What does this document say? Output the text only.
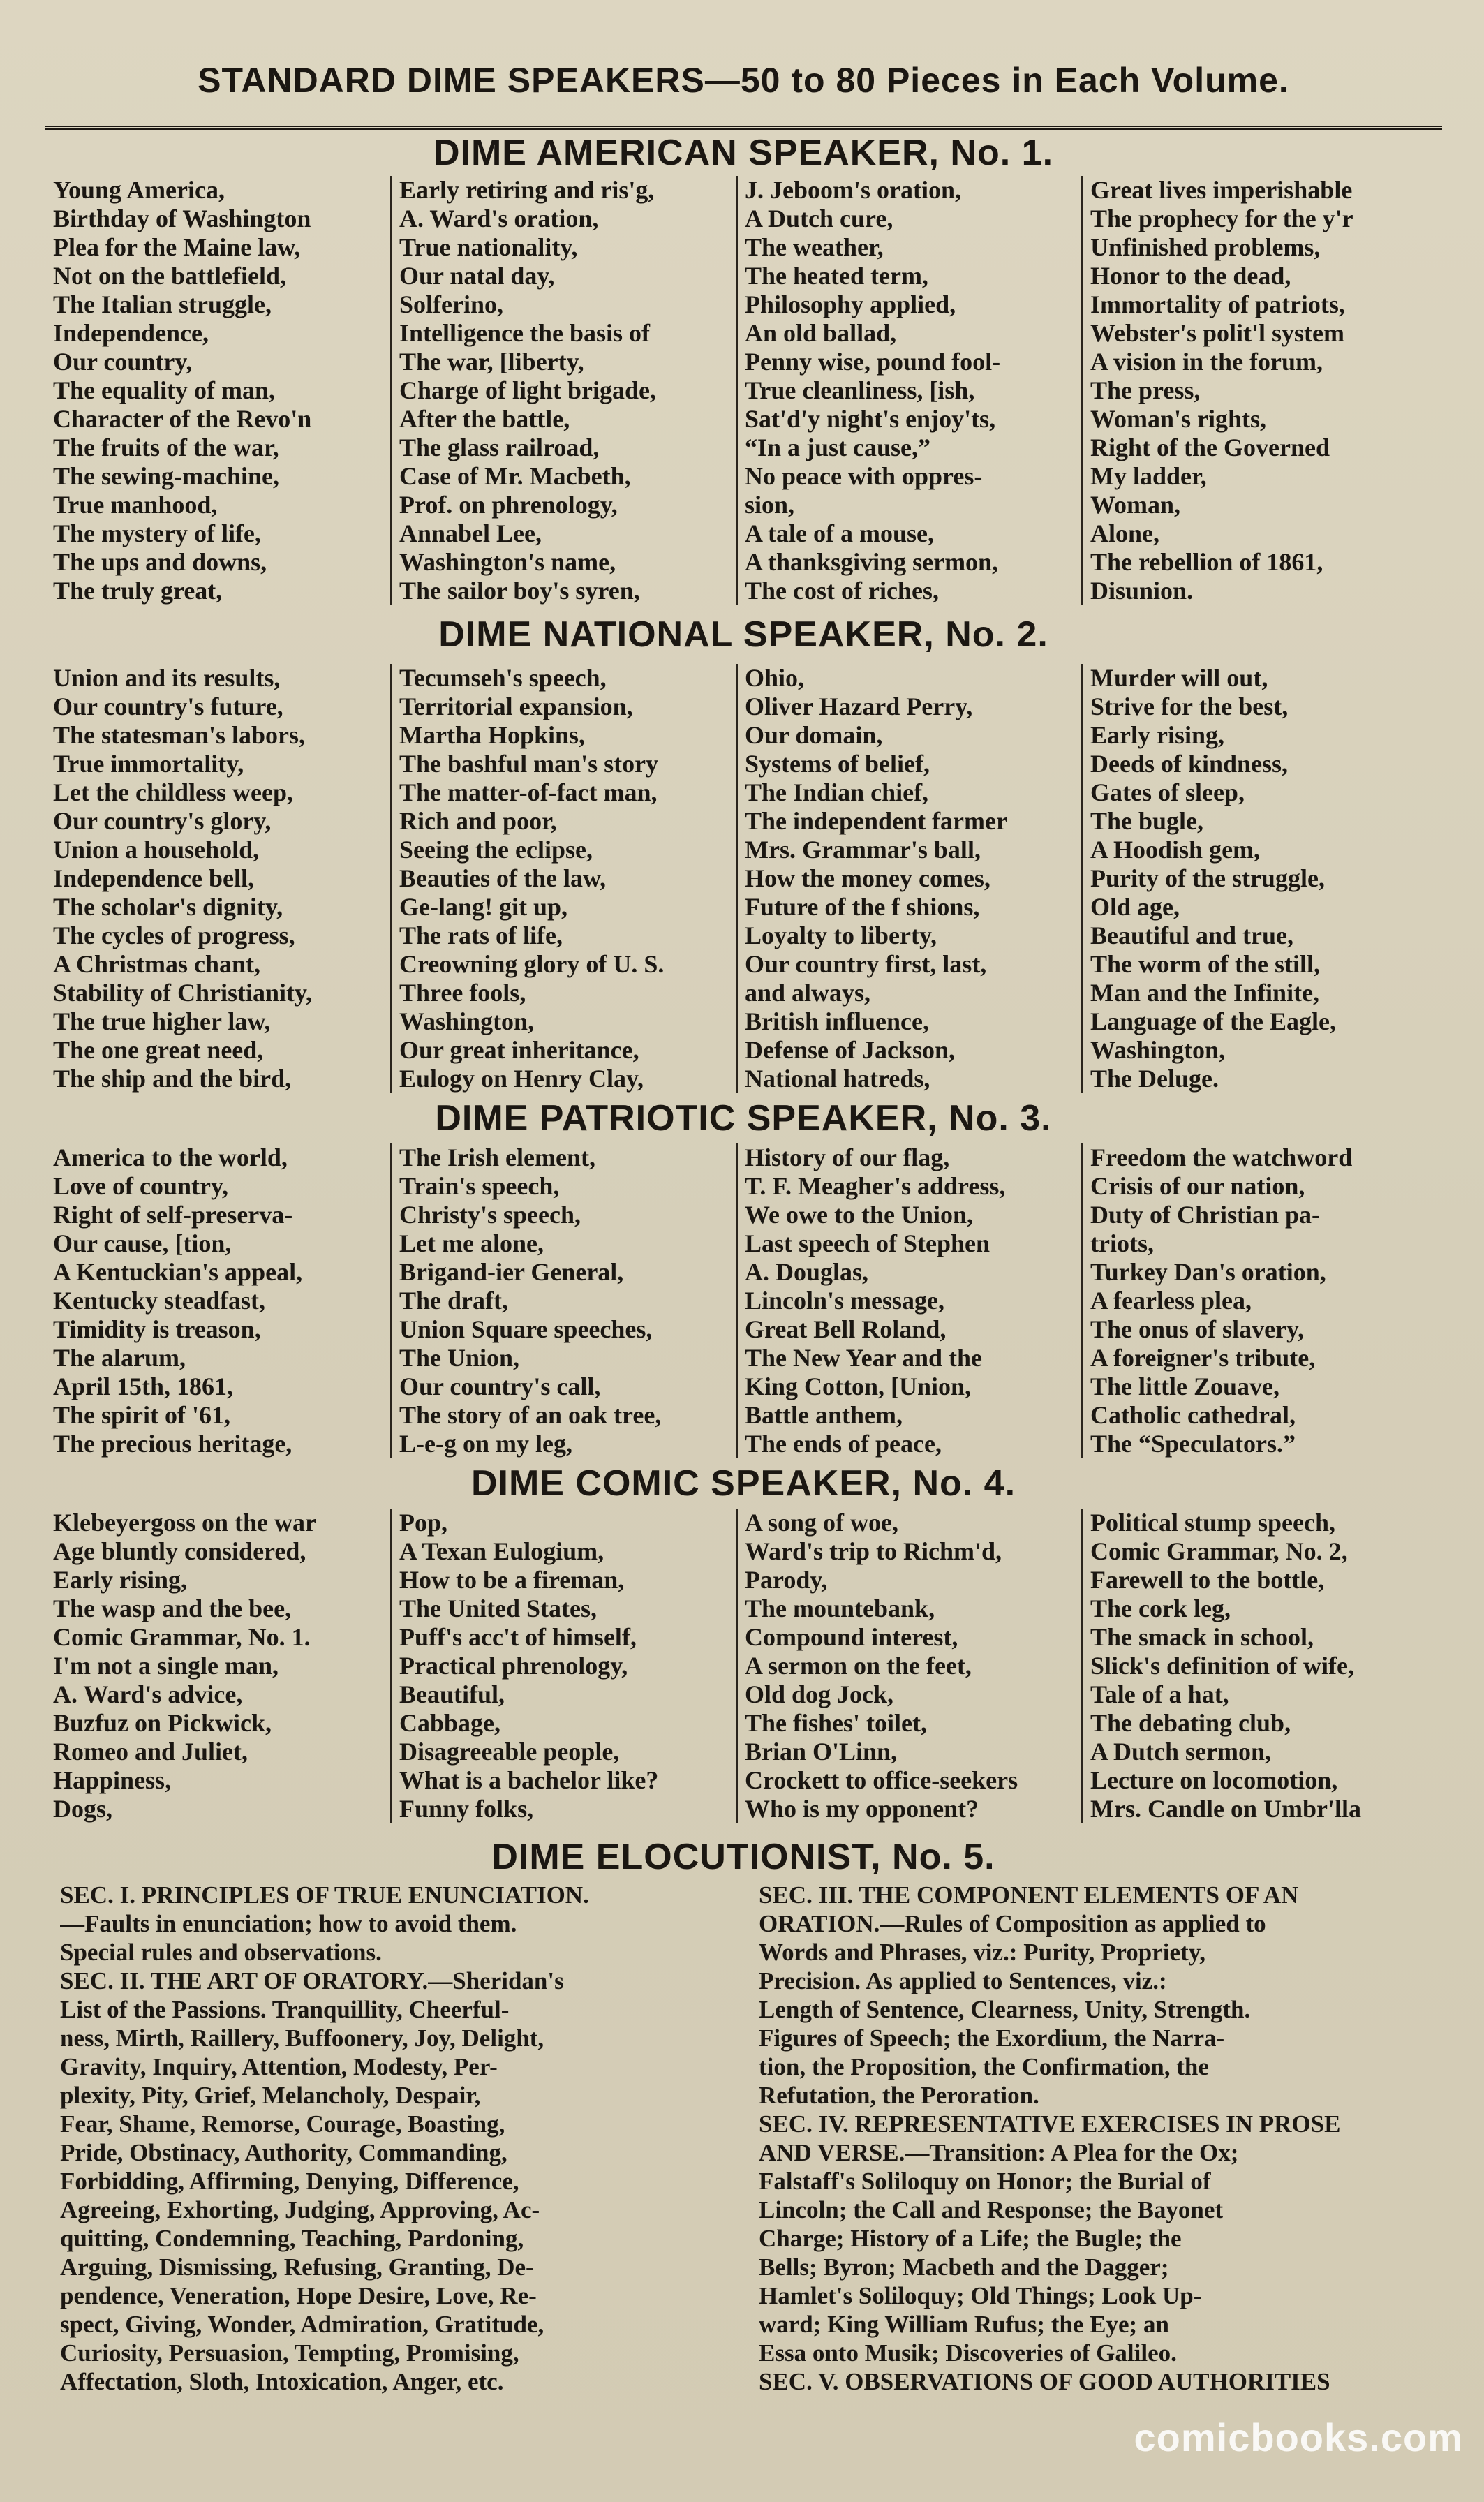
STANDARD DIME SPEAKERS—50 to 80 Pieces in Each Volume.
DIME AMERICAN SPEAKER, No. 1.
Young America,
Birthday of Washington
Plea for the Maine law,
Not on the battlefield,
The Italian struggle,
Independence,
Our country,
The equality of man,
Character of the Revo'n
The fruits of the war,
The sewing-machine,
True manhood,
The mystery of life,
The ups and downs,
The truly great,
Early retiring and ris'g,
A. Ward's oration,
True nationality,
Our natal day,
Solferino,
Intelligence the basis of
The war, [liberty,
Charge of light brigade,
After the battle,
The glass railroad,
Case of Mr. Macbeth,
Prof. on phrenology,
Annabel Lee,
Washington's name,
The sailor boy's syren,
J. Jeboom's oration,
A Dutch cure,
The weather,
The heated term,
Philosophy applied,
An old ballad,
Penny wise, pound fool-
True cleanliness, [ish,
Sat'd'y night's enjoy'ts,
“In a just cause,”
No peace with oppres-
sion,
A tale of a mouse,
A thanksgiving sermon,
The cost of riches,
Great lives imperishable
The prophecy for the y'r
Unfinished problems,
Honor to the dead,
Immortality of patriots,
Webster's polit'l system
A vision in the forum,
The press,
Woman's rights,
Right of the Governed
My ladder,
Woman,
Alone,
The rebellion of 1861,
Disunion.
DIME NATIONAL SPEAKER, No. 2.
Union and its results,
Our country's future,
The statesman's labors,
True immortality,
Let the childless weep,
Our country's glory,
Union a household,
Independence bell,
The scholar's dignity,
The cycles of progress,
A Christmas chant,
Stability of Christianity,
The true higher law,
The one great need,
The ship and the bird,
Tecumseh's speech,
Territorial expansion,
Martha Hopkins,
The bashful man's story
The matter-of-fact man,
Rich and poor,
Seeing the eclipse,
Beauties of the law,
Ge-lang! git up,
The rats of life,
Creowning glory of U. S.
Three fools,
Washington,
Our great inheritance,
Eulogy on Henry Clay,
Ohio,
Oliver Hazard Perry,
Our domain,
Systems of belief,
The Indian chief,
The independent farmer
Mrs. Grammar's ball,
How the money comes,
Future of the f shions,
Loyalty to liberty,
Our country first, last,
and always,
British influence,
Defense of Jackson,
National hatreds,
Murder will out,
Strive for the best,
Early rising,
Deeds of kindness,
Gates of sleep,
The bugle,
A Hoodish gem,
Purity of the struggle,
Old age,
Beautiful and true,
The worm of the still,
Man and the Infinite,
Language of the Eagle,
Washington,
The Deluge.
DIME PATRIOTIC SPEAKER, No. 3.
America to the world,
Love of country,
Right of self-preserva-
Our cause, [tion,
A Kentuckian's appeal,
Kentucky steadfast,
Timidity is treason,
The alarum,
April 15th, 1861,
The spirit of '61,
The precious heritage,
The Irish element,
Train's speech,
Christy's speech,
Let me alone,
Brigand-ier General,
The draft,
Union Square speeches,
The Union,
Our country's call,
The story of an oak tree,
L-e-g on my leg,
History of our flag,
T. F. Meagher's address,
We owe to the Union,
Last speech of Stephen
A. Douglas,
Lincoln's message,
Great Bell Roland,
The New Year and the
King Cotton, [Union,
Battle anthem,
The ends of peace,
Freedom the watchword
Crisis of our nation,
Duty of Christian pa-
triots,
Turkey Dan's oration,
A fearless plea,
The onus of slavery,
A foreigner's tribute,
The little Zouave,
Catholic cathedral,
The “Speculators.”
DIME COMIC SPEAKER, No. 4.
Klebeyergoss on the war
Age bluntly considered,
Early rising,
The wasp and the bee,
Comic Grammar, No. 1.
I'm not a single man,
A. Ward's advice,
Buzfuz on Pickwick,
Romeo and Juliet,
Happiness,
Dogs,
Pop,
A Texan Eulogium,
How to be a fireman,
The United States,
Puff's acc't of himself,
Practical phrenology,
Beautiful,
Cabbage,
Disagreeable people,
What is a bachelor like?
Funny folks,
A song of woe,
Ward's trip to Richm'd,
Parody,
The mountebank,
Compound interest,
A sermon on the feet,
Old dog Jock,
The fishes' toilet,
Brian O'Linn,
Crockett to office-seekers
Who is my opponent?
Political stump speech,
Comic Grammar, No. 2,
Farewell to the bottle,
The cork leg,
The smack in school,
Slick's definition of wife,
Tale of a hat,
The debating club,
A Dutch sermon,
Lecture on locomotion,
Mrs. Candle on Umbr'lla
DIME ELOCUTIONIST, No. 5.
SEC. I. PRINCIPLES OF TRUE ENUNCIATION.
—Faults in enunciation; how to avoid them.
Special rules and observations.
SEC. II. THE ART OF ORATORY.—Sheridan's
List of the Passions. Tranquillity, Cheerful-
ness, Mirth, Raillery, Buffoonery, Joy, Delight,
Gravity, Inquiry, Attention, Modesty, Per-
plexity, Pity, Grief, Melancholy, Despair,
Fear, Shame, Remorse, Courage, Boasting,
Pride, Obstinacy, Authority, Commanding,
Forbidding, Affirming, Denying, Difference,
Agreeing, Exhorting, Judging, Approving, Ac-
quitting, Condemning, Teaching, Pardoning,
Arguing, Dismissing, Refusing, Granting, De-
pendence, Veneration, Hope Desire, Love, Re-
spect, Giving, Wonder, Admiration, Gratitude,
Curiosity, Persuasion, Tempting, Promising,
Affectation, Sloth, Intoxication, Anger, etc.
SEC. III. THE COMPONENT ELEMENTS OF AN
ORATION.—Rules of Composition as applied to
Words and Phrases, viz.: Purity, Propriety,
Precision. As applied to Sentences, viz.:
Length of Sentence, Clearness, Unity, Strength.
Figures of Speech; the Exordium, the Narra-
tion, the Proposition, the Confirmation, the
Refutation, the Peroration.
SEC. IV. REPRESENTATIVE EXERCISES IN PROSE
AND VERSE.—Transition: A Plea for the Ox;
Falstaff's Soliloquy on Honor; the Burial of
Lincoln; the Call and Response; the Bayonet
Charge; History of a Life; the Bugle; the
Bells; Byron; Macbeth and the Dagger;
Hamlet's Soliloquy; Old Things; Look Up-
ward; King William Rufus; the Eye; an
Essa onto Musik; Discoveries of Galileo.
SEC. V. OBSERVATIONS OF GOOD AUTHORITIES
comicbooks.com
